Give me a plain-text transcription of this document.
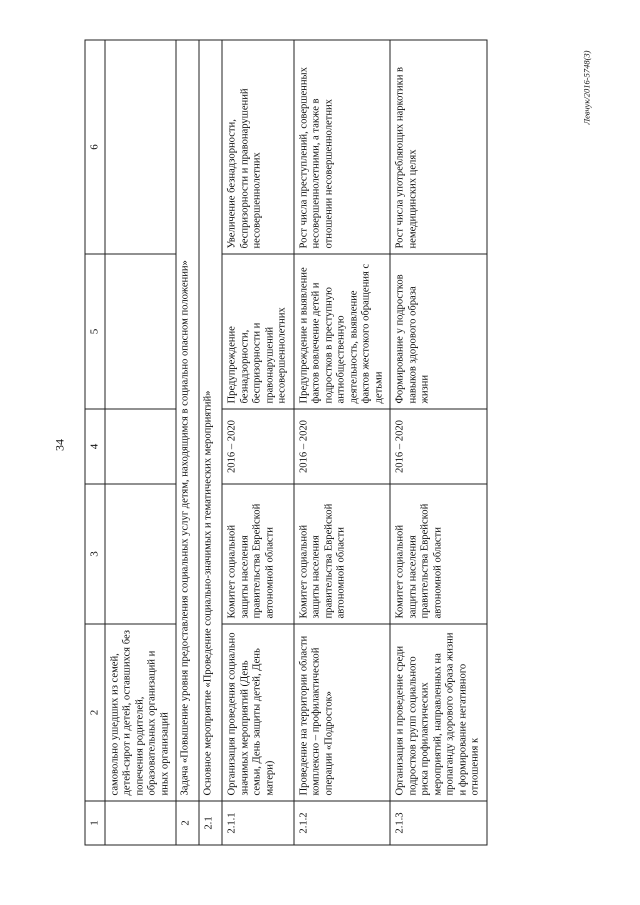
34
1	2	3	4	5	6
	самовольно ушедших из семей, детей-сирот и детей, оставшихся без попечения родителей, образовательных организаций и иных организаций				
2	Задача «Повышение уровня предоставления социальных услуг детям, находящимся в социально опасном положении»				
2.1	Основное мероприятие «Проведение социально-значимых и тематических мероприятий»				
2.1.1	Организация проведения социально значимых мероприятий (День семьи, День защиты детей, День матери)	Комитет социальной защиты населения правительства Еврейской автономной области	2016 – 2020	Предупреждение безнадзорности, беспризорности и правонарушений несовершеннолетних	Увеличение безнадзорности, беспризорности и правонарушений несовершеннолетних
2.1.2	Проведение на территории области комплексно – профилактической операции «Подросток»	Комитет социальной защиты населения правительства Еврейской автономной области	2016 – 2020	Предупреждение и выявление фактов вовлечение детей и подростков в преступную антиобщественную деятельность, выявление фактов жестокого обращения с детьми	Рост числа преступлений, совершенных несовершеннолетними, а также в отношении несовершеннолетних
2.1.3	Организация и проведение среди подростков групп социального риска профилактических мероприятий, направленных на пропаганду здорового образа жизни и формирование негативного отношения к	Комитет социальной защиты населения правительства Еврейской автономной области	2016 – 2020	Формирование у подростков навыков здорового образа жизни	Рост числа употребляющих наркотики в немедицинских целях
Левчук/2016-5748(3)
